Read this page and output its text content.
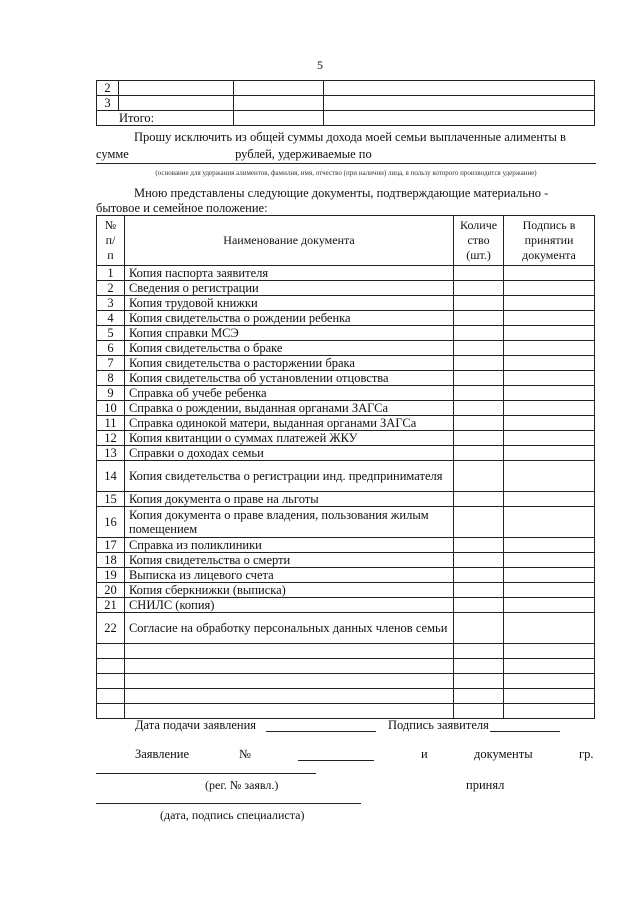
5
2			
3			
Итого:			
Прошу исключить из общей суммы дохода моей семьи выплаченные алименты в
сумме	рублей, удерживаемые по
(основание для удержания алиментов, фамилия, имя, отчество (при наличии) лица, в пользу которого производится удержание)
Мною представлены следующие документы, подтверждающие материально -
бытовое и семейное положение:
№ п/п	Наименование документа	Количество (шт.)	Подпись в принятии документа

1	Копия паспорта заявителя		
2	Сведения о регистрации		
3	Копия трудовой книжки		
4	Копия свидетельства о рождении ребенка		
5	Копия справки МСЭ		
6	Копия свидетельства о браке		
7	Копия свидетельства о расторжении брака		
8	Копия свидетельства об установлении отцовства		
9	Справка об учебе ребенка		
10	Справка о рождении, выданная органами ЗАГСа		
11	Справка одинокой матери, выданная органами ЗАГСа		
12	Копия квитанции о суммах платежей ЖКУ		
13	Справки о доходах семьи		
14	Копия свидетельства о регистрации инд. предпринимателя		
15	Копия документа о праве на льготы		
16	Копия документа о праве владения, пользования жилым помещением		
17	Справка из поликлиники		
18	Копия свидетельства о смерти		
19	Выписка из лицевого счета		
20	Копия сберкнижки (выписка)		
21	СНИЛС (копия)		
22	Согласие на обработку персональных данных членов семьи		

Дата подачи заявления	Подпись заявителя
Заявление	№	и	документы	гр.
(рег. № заявл.)	принял
(дата, подпись специалиста)
